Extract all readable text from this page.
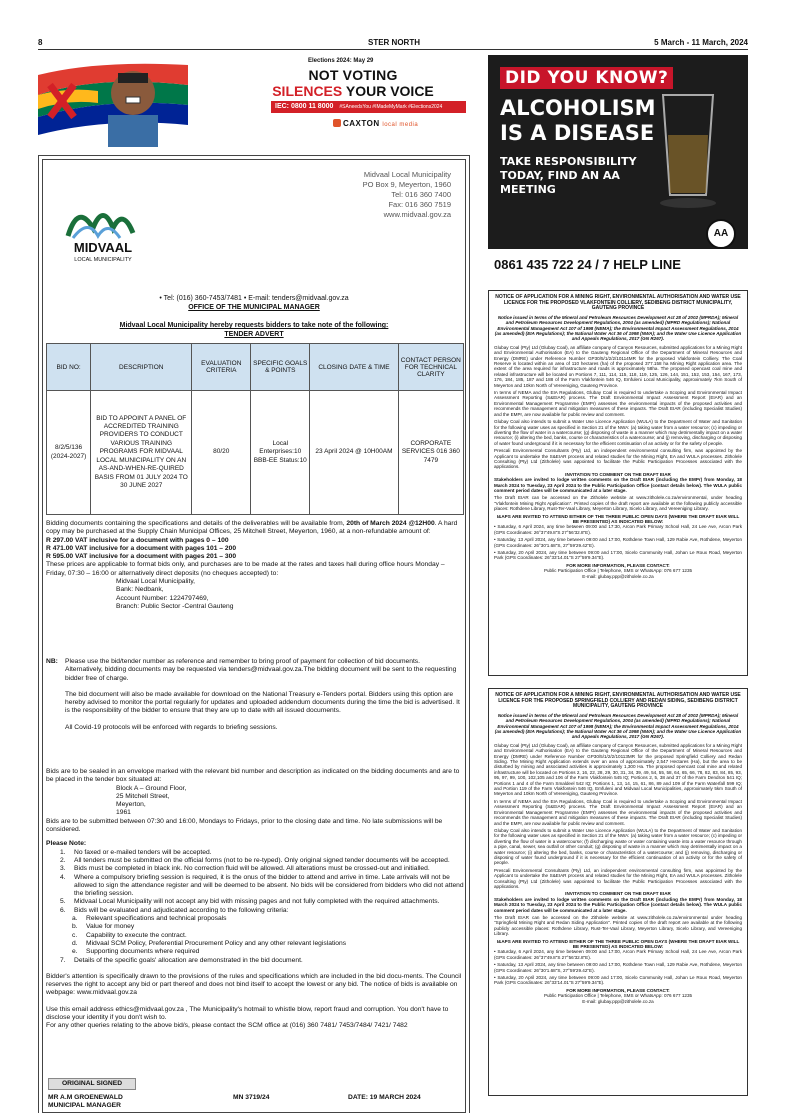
8	STER NORTH	5 March - 11 March, 2024
Elections 2024: May 29
NOT VOTING
SILENCES YOUR VOICE
IEC: 0800 11 8000 #SAneedsYou #IMadeMyMark #Elections2024
CAXTON local media
DID YOU KNOW?
ALCOHOLISM
IS A DISEASE
TAKE RESPONSIBILITY
TODAY, FIND AN AA
MEETING
AA
0861 435 722 24 / 7 HELP LINE
MIDVAAL
LOCAL MUNICIPALITY
Midvaal Local Municipality
PO Box 9, Meyerton, 1960
Tel: 016 360 7400
Fax: 016 360 7519
www.midvaal.gov.za
• Tel: (016) 360-7453/7481 • E-mail: tenders@midvaal.gov.za
OFFICE OF THE MUNICIPAL MANAGER
Midvaal Local Municipality hereby requests bidders to take note of the following:
TENDER ADVERT
BID NO:	DESCRIPTION	EVALUATION CRITERIA	SPECIFIC GOALS & POINTS	CLOSING DATE & TIME	CONTACT PERSON FOR TECHNICAL CLARITY
8/2/5/136 (2024-2027)	BID TO APPOINT A PANEL OF ACCREDITED TRAINING PROVIDERS TO CONDUCT VARIOUS TRAINING PROGRAMS FOR MIDVAAL LOCAL MUNICIPALITY ON AN AS-AND-WHEN-RE-QUIRED BASIS FROM 01 JULY 2024 TO 30 JUNE 2027	80/20	Local Enterprises:10 BBB-EE Status:10	23 April 2024 @ 10H00AM	CORPORATE SERVICES 016 360 7479
Bidding documents containing the specifications and details of the deliverables will be available from, 20th of March 2024 @12H00. A hard copy may be purchased at the Supply Chain Municipal Offices, 25 Mitchell Street, Meyerton, 1960, at a non-refundable amount of:
R 297.00 VAT inclusive for a document with pages 0 – 100
R 471.00 VAT inclusive for a document with pages 101 – 200
R 595.00 VAT inclusive for a document with pages 201 – 300
These prices are applicable to format bids only, and purchases are to be made at the rates and taxes hall during office hours Monday – Friday, 07:30 – 16:00 or alternatively direct deposits (no cheques accepted) to:
Midvaal Local Municipality,
Bank: Nedbank,
Account Number: 1224797469,
Branch: Public Sector -Central Gauteng
NB: Please use the bid/tender number as reference and remember to bring proof of payment for collection of bid documents.
Alternatively, bidding documents may be requested via tenders@midvaal.gov.za.The bidding document will be sent to the requesting bidder free of charge.
The bid document will also be made available for download on the National Treasury e-Tenders portal. Bidders using this option are hereby advised to monitor the portal regularly for updates and uploaded addendum documents during the time the bid is advertised. It is the responsibility of the bidder to ensure that they are up to date with all issued documents.
All Covid-19 protocols will be enforced with regards to briefing sessions.
Bids are to be sealed in an envelope marked with the relevant bid number and description as indicated on the bidding documents and are to be placed in the tender box situated at:
Block A – Ground Floor,
25 Mitchell Street,
Meyerton,
1961
Bids are to be submitted between 07:30 and 16:00, Mondays to Fridays, prior to the closing date and time. No late submissions will be considered.
Please Note:
1.	No faxed or e-mailed tenders will be accepted.
2.	All tenders must be submitted on the official forms (not to be re-typed). Only original signed tender documents will be accepted.
3.	Bids must be completed in black ink. No correction fluid will be allowed. All alterations must be crossed-out and initialled.
4.	Where a compulsory briefing session is required, it is the onus of the bidder to attend and arrive in time. Late arrivals will not be allowed to sign the attendance register and will be deemed to be absent. No bids will be considered from bidders who did not attend the briefing session.
5.	Midvaal Local Municipality will not accept any bid with missing pages and not fully completed with the required attachments.
6.	Bids will be evaluated and adjudicated according to the following criteria:
a.	Relevant specifications and technical proposals
b.	Value for money
c.	Capability to execute the contract.
d.	Midvaal SCM Policy, Preferential Procurement Policy and any other relevant legislations
e.	Supporting documents where required
7.	Details of the specific goals' allocation are demonstrated in the bid document.
Bidder's attention is specifically drawn to the provisions of the rules and specifications which are included in the bid docu-ments. The Council reserves the right to accept any bid or part thereof and does not bind itself to accept the lowest or any bid. The notice of bids is available on webpage: www.midvaal.gov.za
Use this email address ethics@midvaal.gov.za , The Municipality's hotmail to whistle blow, report fraud and corruption. You don't have to disclose your identity if you don't wish to.
For any other queries relating to the above bid/s, please contact the SCM office at (016) 360 7481/ 7453/7484/ 7421/ 7482
ORIGINAL SIGNED
MR A.M GROENEWALD
MUNICIPAL MANAGER
MN 3719/24	DATE: 19 MARCH 2024
NOTICE OF APPLICATION FOR A MINING RIGHT, ENVIRONMENTAL AUTHORISATION AND WATER USE LICENCE FOR THE PROPOSED VLAKFONTEIN COLLIERY, SEDIBENG DISTRICT MUNICIPALITY, GAUTENG PROVINCE
Notice issued in terms of the Mineral and Petroleum Resources Development Act 28 of 2002 (MPRDA); Mineral and Petroleum Resources Development Regulations, 2004 (as amended) (MPRD Regulations); National Environmental Management Act 107 of 1998 (NEMA); the Environmental Impact Assessment Regulations, 2014 (as amended) (EIA Regulations); the National Water Act 36 of 1998 (NWA); and the Water Use Licence Application and Appeals Regulations, 2017 (GN R267).

Glubay Coal (Pty) Ltd (Glubay Coal), an affiliate company of Canyon Resources, submitted applications for a Mining Right and Environmental Authorisation (EA) to the Gauteng Regional Office of the Department of Mineral Resources and Energy (DMRE) under Reference Number GP30/5/1/2/2/10114MR for the proposed Vlakfontein Colliery. The Coal Reserve is located within an area of 110 hectares (ha) of the proposed 377.158 ha Mining Right application area. The extent of the area required for infrastructure and roads is approximately 58ha. The proposed opencast coal mine and related infrastructure will be located on Portions 7, 111, 114, 115, 118, 119, 125, 126, 144, 151, 152, 153, 154, 167, 173, 176, 184, 185, 187 and 188 of the Farm Vlakfontein 546 IQ, Emfuleni Local Municipality, approximately 7km South of Meyerton and 10km North of Vereeniging, Gauteng Province.

In terms of NEMA and the EIA Regulations, Glubay Coal is required to undertake a Scoping and Environmental Impact Assessment Reporting (S&EIAR) process. The Draft Environmental Impact Assessment Report (EIAR) and an Environmental Management Programme (EMPr) assesses the environmental impacts of the proposed activities and recommends the management and mitigation measures of these impacts. The Draft EIAR (including Specialist Studies) and the EMPr, are now available for public review and comment.

Glubay Coal also intends to submit a Water Use Licence Application (WULA) to the Department of Water and Sanitation for the following water uses as specified in Section 21 of the NWA: (a) taking water from a water resource; (c) impeding or diverting the flow of water in a watercourse; (g) disposing of waste in a manner which may detrimentally impact on a water resource; (i) altering the bed, banks, course or characteristics of a watercourse; and (j) removing, discharging or disposing of water found underground if it is necessary for the efficient continuation of an activity or for the safety of people.

Prescali Environmental Consultants (Pty) Ltd, an independent environmental consulting firm, was appointed by the Applicant to undertake the S&EIAR process and related studies for the Mining Right, EA and WULA processes. Zitholele Consulting (Pty) Ltd (Zitholele) was appointed to facilitate the Public Participation Processes associated with the applications.

INVITATION TO COMMENT ON THE DRAFT EIAR

Stakeholders are invited to lodge written comments on the Draft EIAR (including the EMPr) from Monday, 18 March 2024 to Tuesday, 23 April 2024 to the Public Participation Office (contact details below). The WULA public comment period dates will be communicated at a later stage.

The Draft EIAR can be accessed on the Zitholele website at www.zitholele.co.za/environmental, under heading "Vlakfontein Mining Right Application". Printed copies of the draft report are available at the following publicly accessible places: Rothdene Library, Rust-Ter-Vaal Library, Meyerton Library, Sicelo Library, and Vereeniging Library.

I&APS ARE INVITED TO ATTEND EITHER OF THE THREE PUBLIC OPEN DAYS (WHERE THE DRAFT EIAR WILL BE PRESENTED) AS INDICATED BELOW:

• Saturday, 6 April 2024, any time between 09:00 and 17:30, Arcon Park Primary School Hall, 24 Lee Ave, Arcon Park (GPS Coordinates: 26°37'49.8"S 27°56'32.8"E).

• Saturday, 13 April 2024, any time between 09:00 and 17:00, Rothdene Town Hall, 129 Rabie Ave, Rothdene, Meyerton (GPS Coordinates: 26°30'1.68"S, 27°59'29.42"E).

• Saturday, 20 April 2024, any time between 09:00 and 17:00, Sicelo Community Hall, Johan Le Roux Road, Meyerton Park (GPS Coordinates: 26°33'14.01"S 27°59'9.34"E).

FOR MORE INFORMATION, PLEASE CONTACT:
Public Participation Office | Telephone, SMS or WhatsApp: 076 677 1235
E-mail: glubay.ppp@zitholele.co.za
NOTICE OF APPLICATION FOR A MINING RIGHT, ENVIRONMENTAL AUTHORISATION AND WATER USE LICENCE FOR THE PROPOSED SPRINGFIELD COLLIERY AND REDAN SIDING, SEDIBENG DISTRICT MUNICIPALITY, GAUTENG PROVINCE
Notice issued in terms of the Mineral and Petroleum Resources Development Act 28 of 2002 (MPRDA); Mineral and Petroleum Resources Development Regulations, 2004 (as amended) (MPRD Regulations); National Environmental Management Act 107 of 1998 (NEMA); the Environmental Impact Assessment Regulations, 2014 (as amended) (EIA Regulations); the National Water Act 36 of 1998 (NWA); and the Water Use Licence Application and Appeals Regulations, 2017 (GN R267).

Glubay Coal (Pty) Ltd (Glubay Coal), an affiliate company of Canyon Resources, submitted applications for a Mining Right and Environmental Authorisation (EA) to the Gauteng Regional Office of the Department of Mineral Resources and Energy (DMRE) under Reference Number GP30/5/1/2/2/10113MR for the proposed Springfield Colliery and Redan Siding. The Mining Right Application extends over an area of approximately 2,547 Hectares (Ha), but the area to be disturbed by mining and associated activities is approximately 1,300 Ha. The proposed opencast coal mine and related infrastructure will be located on Portions 2, 16, 22, 28, 29, 30, 31, 34, 39, 49, 54, 55, 58, 64, 65, 66, 78, 82, 83, 84, 85, 93, 95, 97, 99, 100, 102,105 and 106 of the Farm Vlakfontein 545 IQ; Portions 2, 5, 38 and 37 of the Farm Dendron 541 IQ; Portions 1 and 4 of the Farm Smaldeel 542 IQ; Portions 1, 13, 14, 15, 61, 86, 89 and 109 of the Farm Waterfall 599 IQ; and Portion 119 of the Farm Vlakfontein 546 IQ, Emfuleni and Midvaal Local Municipalities, approximately 5km South of Meyerton and 10km North of Vereeniging, Gauteng Province.

In terms of NEMA and the EIA Regulations, Glubay Coal is required to undertake a Scoping and Environmental Impact Assessment Reporting (S&EIAR) process. The Draft Environmental Impact Assessment Report (EIAR) and an Environmental Management Programme (EMPr) assesses the environmental impacts of the proposed activities and recommends the management and mitigation measures of these impacts. The Draft EIAR (including Specialist Studies) and the EMPr, are now available for public review and comment.

Glubay Coal also intends to submit a Water Use Licence Application (WULA) to the Department of Water and Sanitation for the following water uses as specified in Section 21 of the NWA: (a) taking water from a water resource; (c) impeding or diverting the flow of water in a watercourse; (f) discharging waste or water containing waste into a water resource through a pipe, canal, sewer, sea outfall or other conduit; (g) disposing of waste in a manner which may detrimentally impact on a water resource; (i) altering the bed, banks, course or characteristics of a watercourse; and (j) removing, discharging or disposing of water found underground if it is necessary for the efficient continuation of an activity or for the safety of people.

Prescali Environmental Consultants (Pty) Ltd, an independent environmental consulting firm, was appointed by the Applicant to undertake the S&EIAR process and related studies for the Mining Right, EA and WULA processes. Zitholele Consulting (Pty) Ltd (Zitholele) was appointed to facilitate the Public Participation Processes associated with the applications.

INVITATION TO COMMENT ON THE DRAFT EIAR

Stakeholders are invited to lodge written comments on the Draft EIAR (including the EMPr) from Monday, 18 March 2024 to Tuesday, 23 April 2024 to the Public Participation Office (contact details below). The WULA public comment period dates will be communicated at a later stage.

The Draft EIAR can be accessed on the Zitholele website at www.zitholele.co.za/environmental under heading "Springfield Mining Right and Redan Siding Application". Printed copies of the draft report are available at the following publicly accessible places: Rothdene Library, Rust-Ter-Vaal Library, Meyerton Library, Sicelo Library, and Vereeniging Library.

I&APS ARE INVITED TO ATTEND EITHER OF THE THREE PUBLIC OPEN DAYS (WHERE THE DRAFT EIAR WILL BE PRESENTED) AS INDICATED BELOW:

• Saturday, 6 April 2024, any time between 09:00 and 17:00, Arcon Park Primary School Hall, 24 Lee Ave, Arcon Park (GPS Coordinates: 26°37'49.8"S 27°56'32.8"E).

• Saturday, 13 April 2024, any time between 09:00 and 17:00, Rothdene Town Hall, 129 Rabie Ave, Rothdene, Meyerton (GPS Coordinates: 26°30'1.68"S, 27°59'29.42"E).

• Saturday, 20 April 2024, any time between 09:00 and 17:00, Sicelo Community Hall, Johan Le Roux Road, Meyerton Park (GPS Coordinates: 26°33'14.01"S 27°59'9.34"E).

FOR MORE INFORMATION, PLEASE CONTACT:
Public Participation Office | Telephone, SMS or WhatsApp: 076 677 1235
E-mail: glubay.ppp@zitholele.co.za
